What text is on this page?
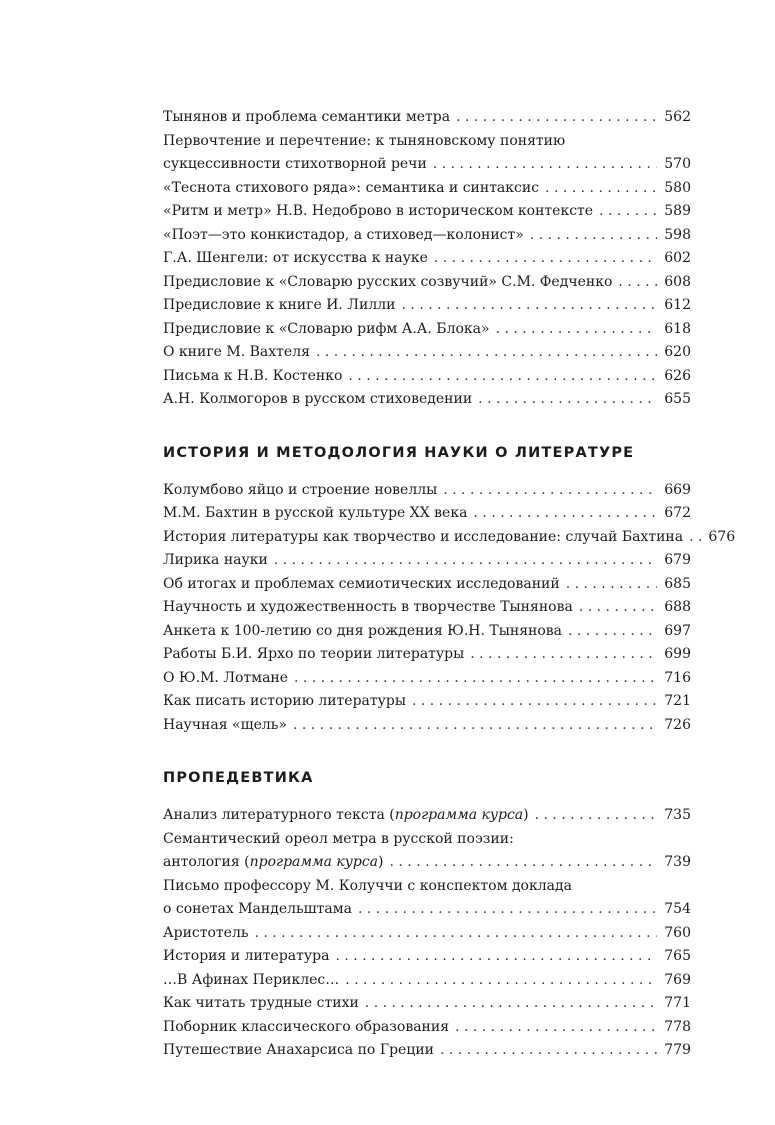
Тынянов и проблема семантики метра . . .	562
Первочтение и перечтение: к тыняновскому понятию
сукцессивности стихотворной речи . . .	570
«Теснота стихового ряда»: семантика и синтаксис . . .	580
«Ритм и метр» Н.В. Недоброво в историческом контексте . . .	589
«Поэт—это конкистадор, а стиховед—колонист» . . .	598
Г.А. Шенгели: от искусства к науке . . .	602
Предисловие к «Словарю русских созвучий» С.М. Федченко . . .	608
Предисловие к книге И. Лилли . . .	612
Предисловие к «Словарю рифм А.А. Блока» . . .	618
О книге М. Вахтеля . . .	620
Письма к Н.В. Костенко . . .	626
А.Н. Колмогоров в русском стиховедении . . .	655
ИСТОРИЯ И МЕТОДОЛОГИЯ НАУКИ О ЛИТЕРАТУРЕ
Колумбово яйцо и строение новеллы . . .	669
М.М. Бахтин в русской культуре XX века . . .	672
История литературы как творчество и исследование: случай Бахтина . . . 676
Лирика науки . . .	679
Об итогах и проблемах семиотических исследований . . .	685
Научность и художественность в творчестве Тынянова . . .	688
Анкета к 100-летию со дня рождения Ю.Н. Тынянова . . .	697
Работы Б.И. Ярхо по теории литературы . . .	699
О Ю.М. Лотмане . . .	716
Как писать историю литературы . . .	721
Научная «щель» . . .	726
ПРОПЕДЕВТИКА
Анализ литературного текста (программа курса) . . .	735
Семантический ореол метра в русской поэзии:
антология (программа курса) . . .	739
Письмо профессору М. Колуччи с конспектом доклада
о сонетах Мандельштама . . .	754
Аристотель . . .	760
История и литература . . .	765
…В Афинах Периклес… . . .	769
Как читать трудные стихи . . .	771
Поборник классического образования . . .	778
Путешествие Анахарсиса по Греции . . .	779
